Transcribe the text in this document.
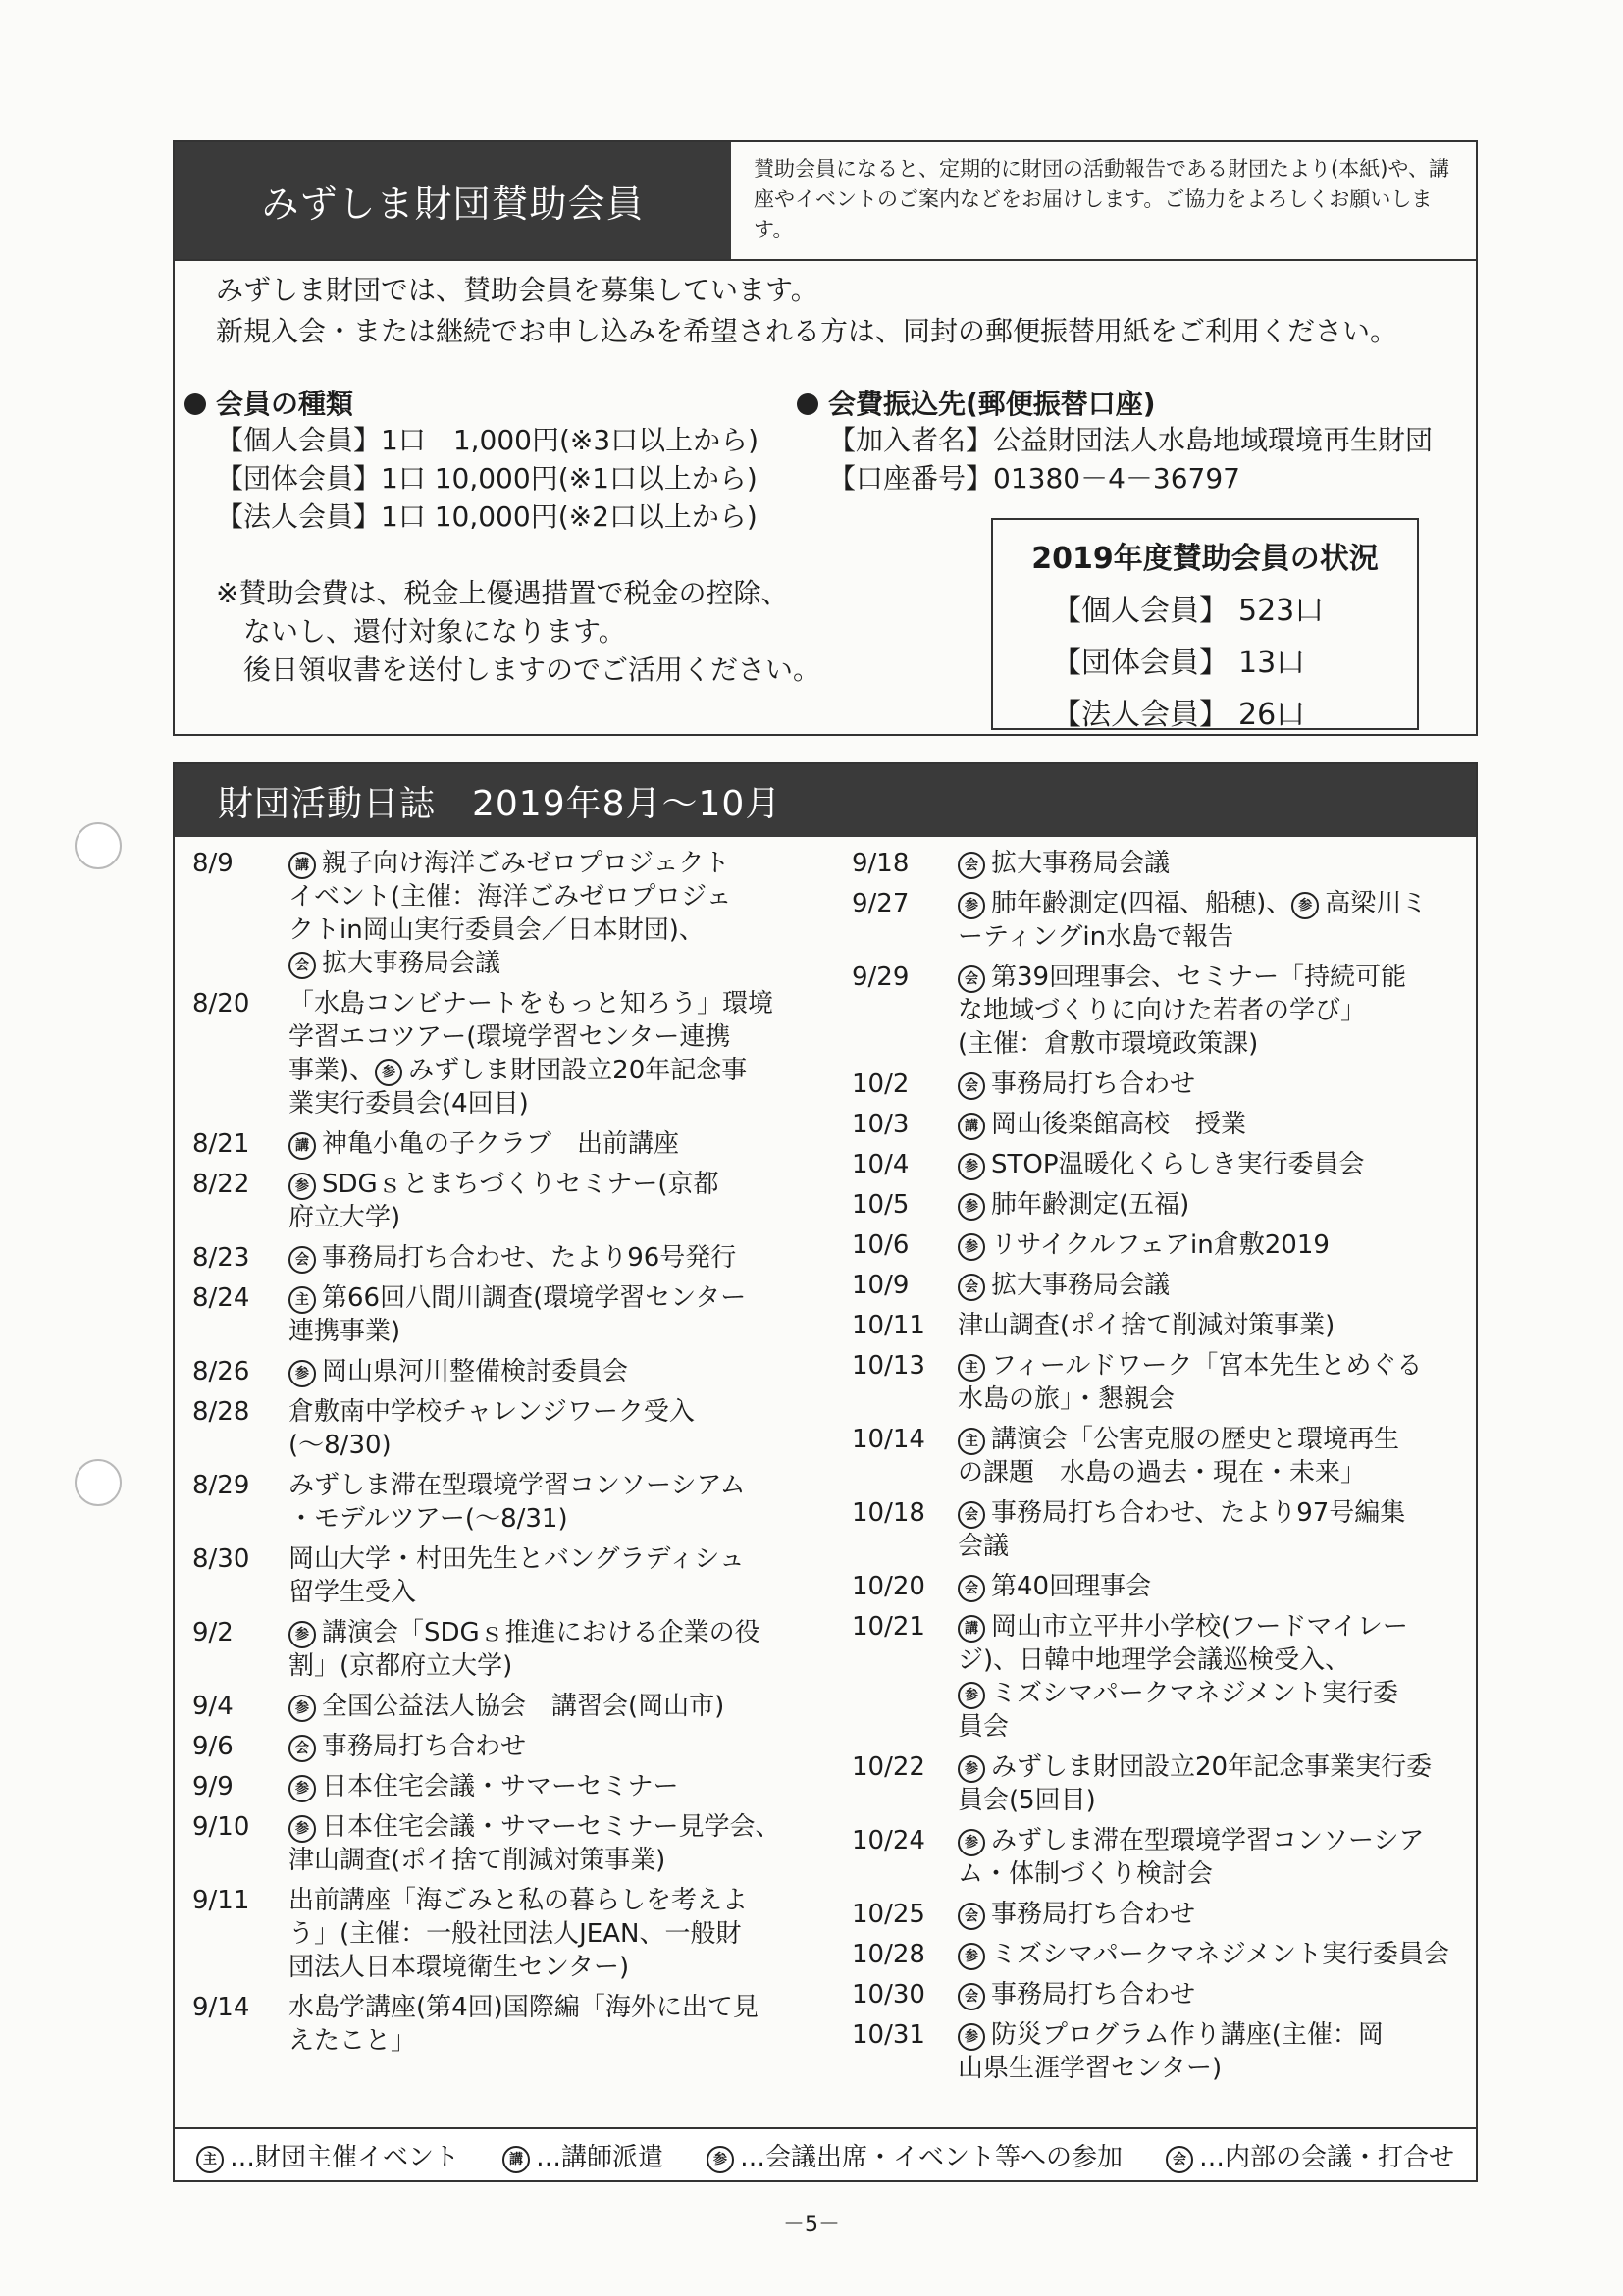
みずしま財団賛助会員
賛助会員になると、定期的に財団の活動報告である財団たより(本紙)や、講座やイベントのご案内などをお届けします。ご協力をよろしくお願いします。
みずしま財団では、賛助会員を募集しています。
新規入会・または継続でお申し込みを希望される方は、同封の郵便振替用紙をご利用ください。
会員の種類
【個人会員】1口　1,000円(※3口以上から)
【団体会員】1口 10,000円(※1口以上から)
【法人会員】1口 10,000円(※2口以上から)
会費振込先(郵便振替口座)
【加入者名】公益財団法人水島地域環境再生財団
【口座番号】01380－4－36797
※賛助会費は、税金上優遇措置で税金の控除、
　ないし、還付対象になります。
　後日領収書を送付しますのでご活用ください。
2019年度賛助会員の状況
【個人会員】 523口
【団体会員】 13口
【法人会員】 26口
財団活動日誌　2019年8月～10月
8/9	講 親子向け海洋ごみゼロプロジェクト
イベント(主催：海洋ごみゼロプロジェ
クトin岡山実行委員会／日本財団)、
会 拡大事務局会議
8/20	「水島コンビナートをもっと知ろう」環境
学習エコツアー(環境学習センター連携
事業)、 参 みずしま財団設立20年記念事
業実行委員会(4回目)
8/21	講 神亀小亀の子クラブ　出前講座
8/22	参 SDGｓとまちづくりセミナー(京都
府立大学)
8/23	会 事務局打ち合わせ、たより96号発行
8/24	主 第66回八間川調査(環境学習センター
連携事業)
8/26	参 岡山県河川整備検討委員会
8/28	倉敷南中学校チャレンジワーク受入
(～8/30)
8/29	みずしま滞在型環境学習コンソーシアム
・モデルツアー(～8/31)
8/30	岡山大学・村田先生とバングラディシュ
留学生受入
9/2	参 講演会「SDGｓ推進における企業の役
割」(京都府立大学)
9/4	参 全国公益法人協会　講習会(岡山市)
9/6	会 事務局打ち合わせ
9/9	参 日本住宅会議・サマーセミナー
9/10	参 日本住宅会議・サマーセミナー見学会、
津山調査(ポイ捨て削減対策事業)
9/11	出前講座「海ごみと私の暮らしを考えよ
う」(主催：一般社団法人JEAN、一般財
団法人日本環境衛生センター)
9/14	水島学講座(第4回)国際編「海外に出て見
えたこと」
9/18	会 拡大事務局会議
9/27	参 肺年齢測定(四福、船穂)、 参 高梁川ミ
ーティングin水島で報告
9/29	会 第39回理事会、セミナー「持続可能
な地域づくりに向けた若者の学び」
(主催：倉敷市環境政策課)
10/2	会 事務局打ち合わせ
10/3	講 岡山後楽館高校　授業
10/4	参 STOP温暖化くらしき実行委員会
10/5	参 肺年齢測定(五福)
10/6	参 リサイクルフェアin倉敷2019
10/9	会 拡大事務局会議
10/11	津山調査(ポイ捨て削減対策事業)
10/13	主 フィールドワーク「宮本先生とめぐる
水島の旅」・懇親会
10/14	主 講演会「公害克服の歴史と環境再生
の課題　水島の過去・現在・未来」
10/18	会 事務局打ち合わせ、たより97号編集
会議
10/20	会 第40回理事会
10/21	講 岡山市立平井小学校(フードマイレー
ジ)、日韓中地理学会議巡検受入、
参 ミズシマパークマネジメント実行委
員会
10/22	参 みずしま財団設立20年記念事業実行委
員会(5回目)
10/24	参 みずしま滞在型環境学習コンソーシア
ム・体制づくり検討会
10/25	会 事務局打ち合わせ
10/28	参 ミズシマパークマネジメント実行委員会
10/30	会 事務局打ち合わせ
10/31	参 防災プログラム作り講座(主催：岡
山県生涯学習センター)
主 …財団主催イベント	講 …講師派遣	参 …会議出席・イベント等への参加	会 …内部の会議・打合せ
－5－
